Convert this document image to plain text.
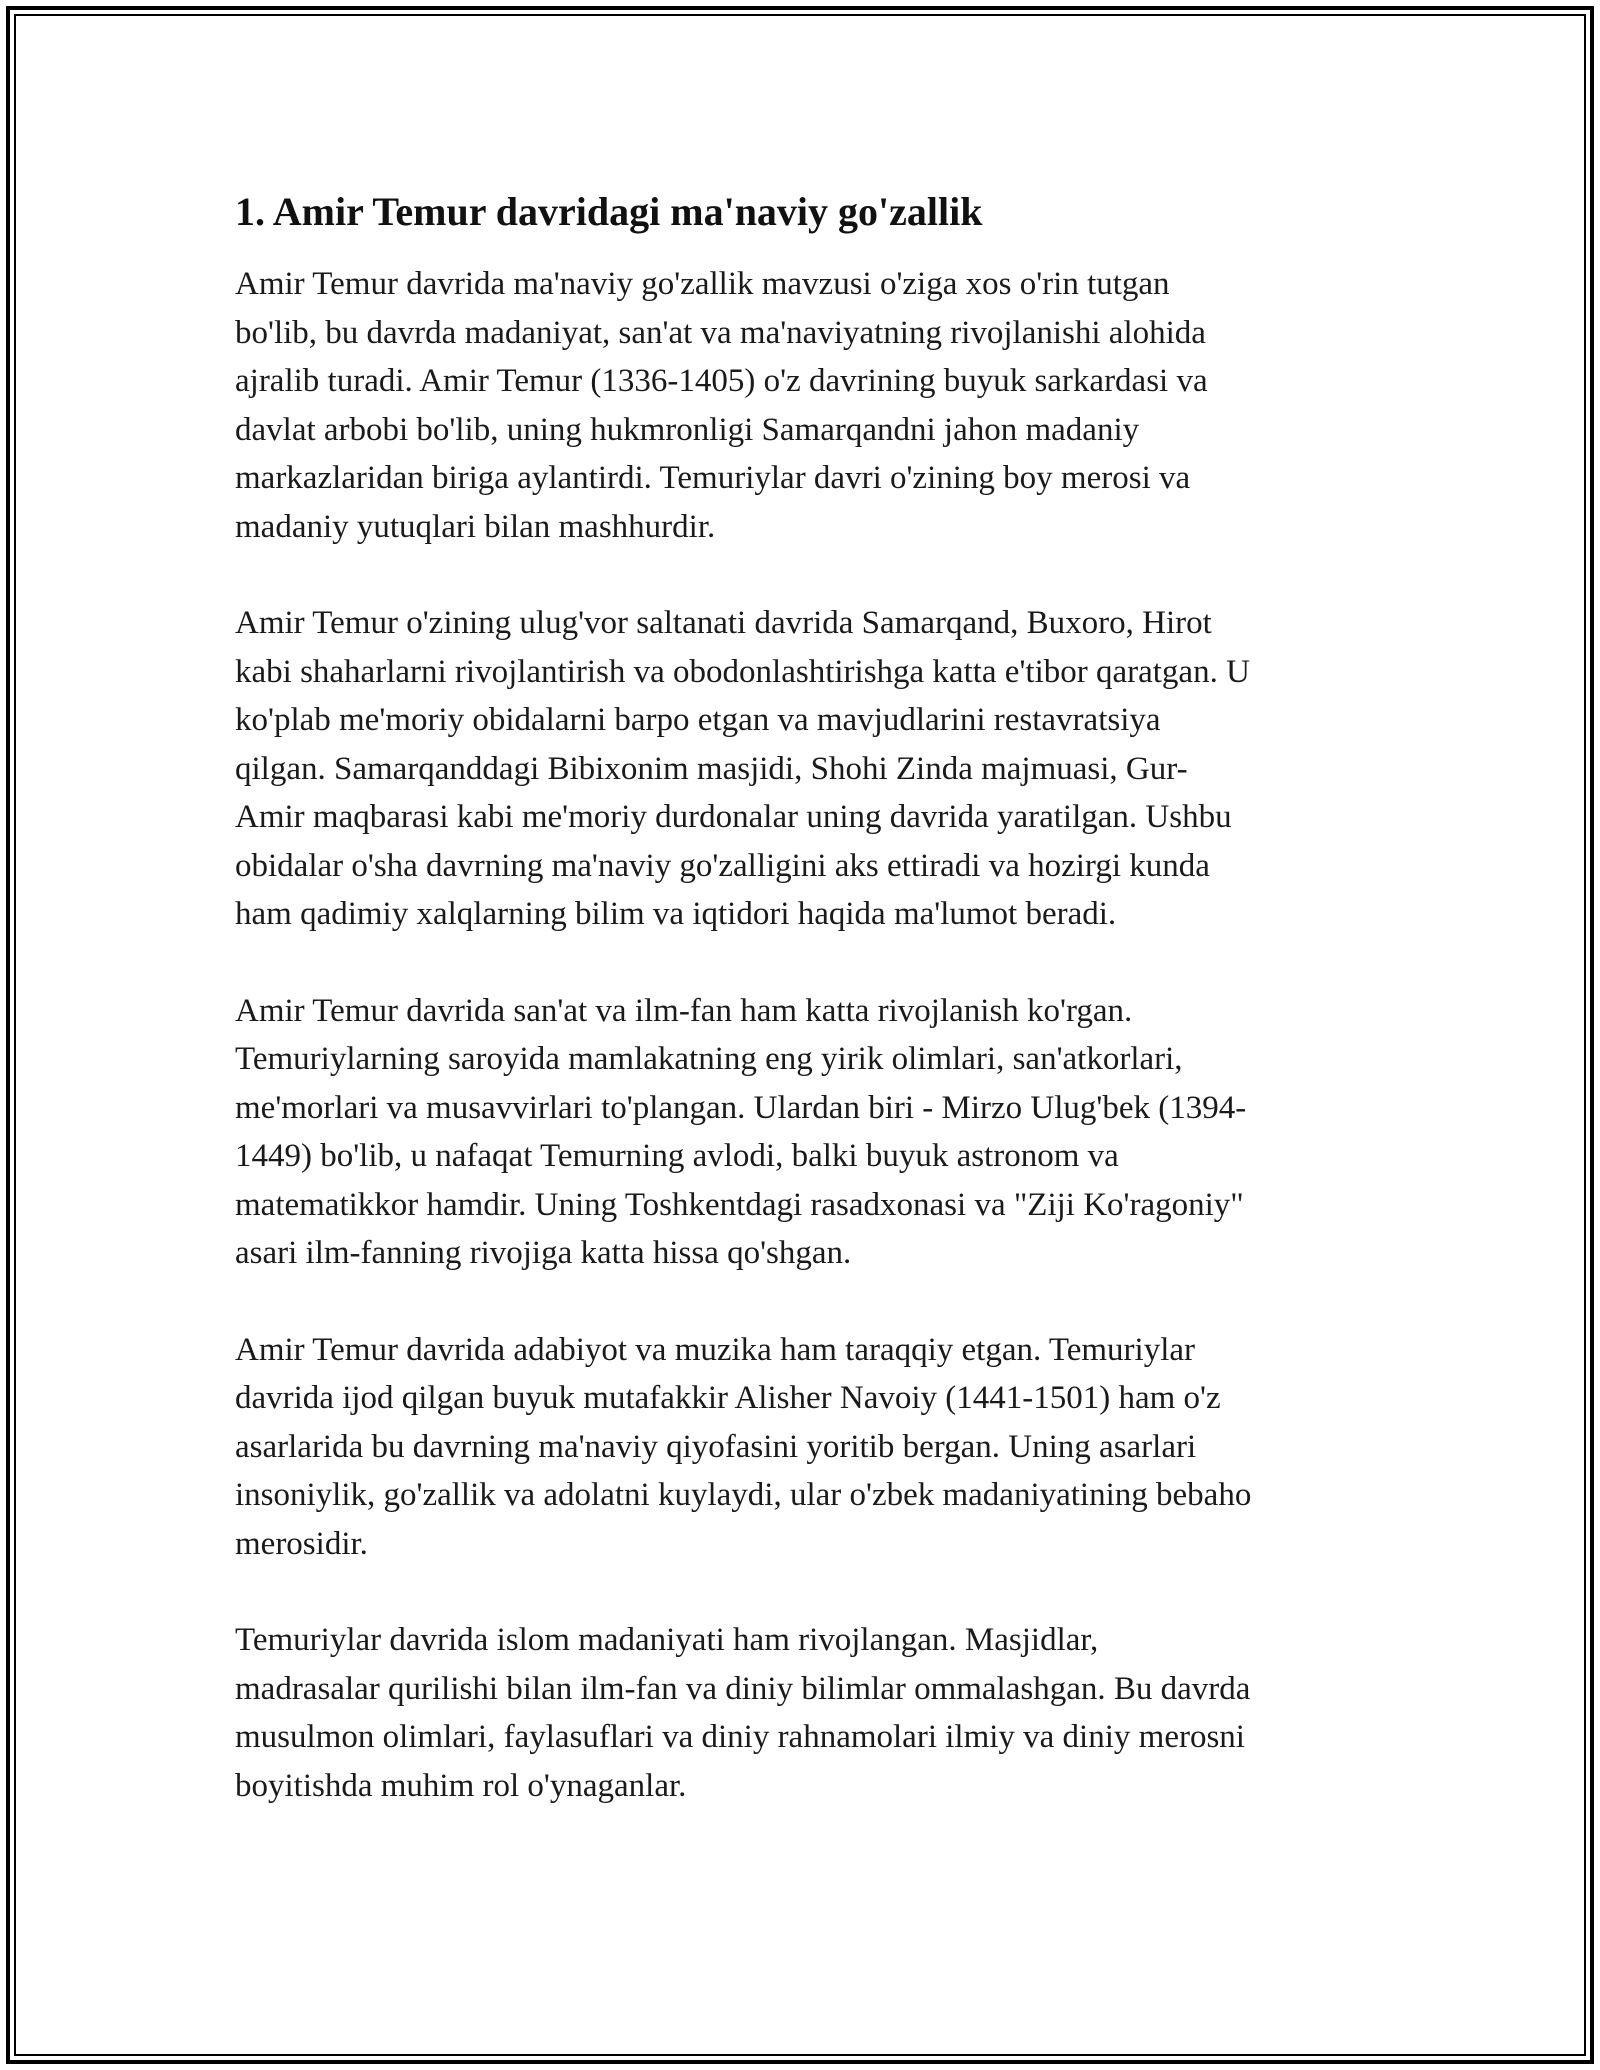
1. Amir Temur davridagi ma'naviy go'zallik
Amir Temur davrida ma'naviy go'zallik mavzusi o'ziga xos o'rin tutgan
bo'lib, bu davrda madaniyat, san'at va ma'naviyatning rivojlanishi alohida
ajralib turadi. Amir Temur (1336-1405) o'z davrining buyuk sarkardasi va
davlat arbobi bo'lib, uning hukmronligi Samarqandni jahon madaniy
markazlaridan biriga aylantirdi. Temuriylar davri o'zining boy merosi va
madaniy yutuqlari bilan mashhurdir.
Amir Temur o'zining ulug'vor saltanati davrida Samarqand, Buxoro, Hirot
kabi shaharlarni rivojlantirish va obodonlashtirishga katta e'tibor qaratgan. U
ko'plab me'moriy obidalarni barpo etgan va mavjudlarini restavratsiya
qilgan. Samarqanddagi Bibixonim masjidi, Shohi Zinda majmuasi, Gur-
Amir maqbarasi kabi me'moriy durdonalar uning davrida yaratilgan. Ushbu
obidalar o'sha davrning ma'naviy go'zalligini aks ettiradi va hozirgi kunda
ham qadimiy xalqlarning bilim va iqtidori haqida ma'lumot beradi.
Amir Temur davrida san'at va ilm-fan ham katta rivojlanish ko'rgan.
Temuriylarning saroyida mamlakatning eng yirik olimlari, san'atkorlari,
me'morlari va musavvirlari to'plangan. Ulardan biri - Mirzo Ulug'bek (1394-
1449) bo'lib, u nafaqat Temurning avlodi, balki buyuk astronom va
matematikkor hamdir. Uning Toshkentdagi rasadxonasi va "Ziji Ko'ragoniy"
asari ilm-fanning rivojiga katta hissa qo'shgan.
Amir Temur davrida adabiyot va muzika ham taraqqiy etgan. Temuriylar
davrida ijod qilgan buyuk mutafakkir Alisher Navoiy (1441-1501) ham o'z
asarlarida bu davrning ma'naviy qiyofasini yoritib bergan. Uning asarlari
insoniylik, go'zallik va adolatni kuylaydi, ular o'zbek madaniyatining bebaho
merosidir.
Temuriylar davrida islom madaniyati ham rivojlangan. Masjidlar,
madrasalar qurilishi bilan ilm-fan va diniy bilimlar ommalashgan. Bu davrda
musulmon olimlari, faylasuflari va diniy rahnamolari ilmiy va diniy merosni
boyitishda muhim rol o'ynaganlar.
